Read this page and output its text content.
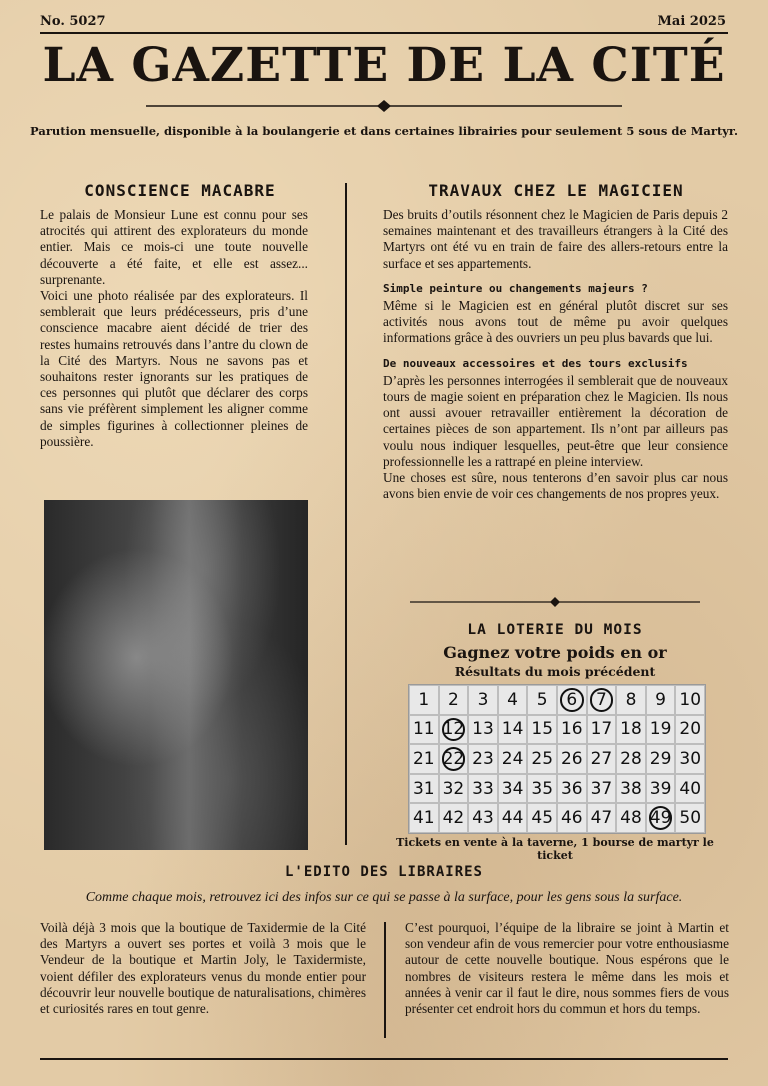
No. 5027	Mai 2025
LA GAZETTE DE LA CITÉ
Parution mensuelle, disponible à la boulangerie et dans certaines librairies pour seulement 5 sous de Martyr.
CONSCIENCE MACABRE

Le palais de Monsieur Lune est connu pour ses atrocités qui attirent des explorateurs du monde entier. Mais ce mois-ci une toute nouvelle découverte a été faite, et elle est assez... surprenante.

Voici une photo réalisée par des explorateurs. Il semblerait que leurs prédécesseurs, pris d’une conscience macabre aient décidé de trier des restes humains retrouvés dans l’antre du clown de la Cité des Martyrs. Nous ne savons pas et souhaitons rester ignorants sur les pratiques de ces personnes qui plutôt que déclarer des corps sans vie préfèrent simplement les aligner comme de simples figurines à collectionner pleines de poussière.

TRAVAUX CHEZ LE MAGICIEN

Des bruits d’outils résonnent chez le Magicien de Paris depuis 2 semaines maintenant et des travailleurs étrangers à la Cité des Martyrs ont été vu en train de faire des allers-retours entre la surface et ses appartements.

Simple peinture ou changements majeurs ?

Même si le Magicien est en général plutôt discret sur ses activités nous avons tout de même pu avoir quelques informations grâce à des ouvriers un peu plus bavards que lui.

De nouveaux accessoires et des tours exclusifs

D’après les personnes interrogées il semblerait que de nouveaux tours de magie soient en préparation chez le Magicien. Ils nous ont aussi avouer retravailler entièrement la décoration de certaines pièces de son appartement. Ils n’ont par ailleurs pas voulu nous indiquer lesquelles, peut-être que leur consience professionnelle les a rattrapé en pleine interview.

Une choses est sûre, nous tenterons d’en savoir plus car nous avons bien envie de voir ces changements de nos propres yeux.

LA LOTERIE DU MOIS
Gagnez votre poids en or
Résultats du mois précédent
1	2	3	4	5	6	7	8	9 10
11 12 13 14 15 16 17 18 19 20
21 22 23 24 25 26 27 28 29 30
31 32 33 34 35 36 37 38 39 40
41 42 43 44 45 46 47 48 49 50
Tickets en vente à la taverne, 1 bourse de martyr le ticket
L'EDITO DES LIBRAIRES
Comme chaque mois, retrouvez ici des infos sur ce qui se passe à la surface, pour les gens sous la surface.
Voilà déjà 3 mois que la boutique de Taxidermie de la Cité des Martyrs a ouvert ses portes et voilà 3 mois que le Vendeur de la boutique et Martin Joly, le Taxidermiste, voient défiler des explorateurs venus du monde entier pour découvrir leur nouvelle boutique de naturalisations, chimères et curiosités rares en tout genre.
C’est pourquoi, l’équipe de la libraire se joint à Martin et son vendeur afin de vous remercier pour votre enthousiasme autour de cette nouvelle boutique. Nous espérons que le nombres de visiteurs restera le même dans les mois et années à venir car il faut le dire, nous sommes fiers de vous présenter cet endroit hors du commun et hors du temps.
